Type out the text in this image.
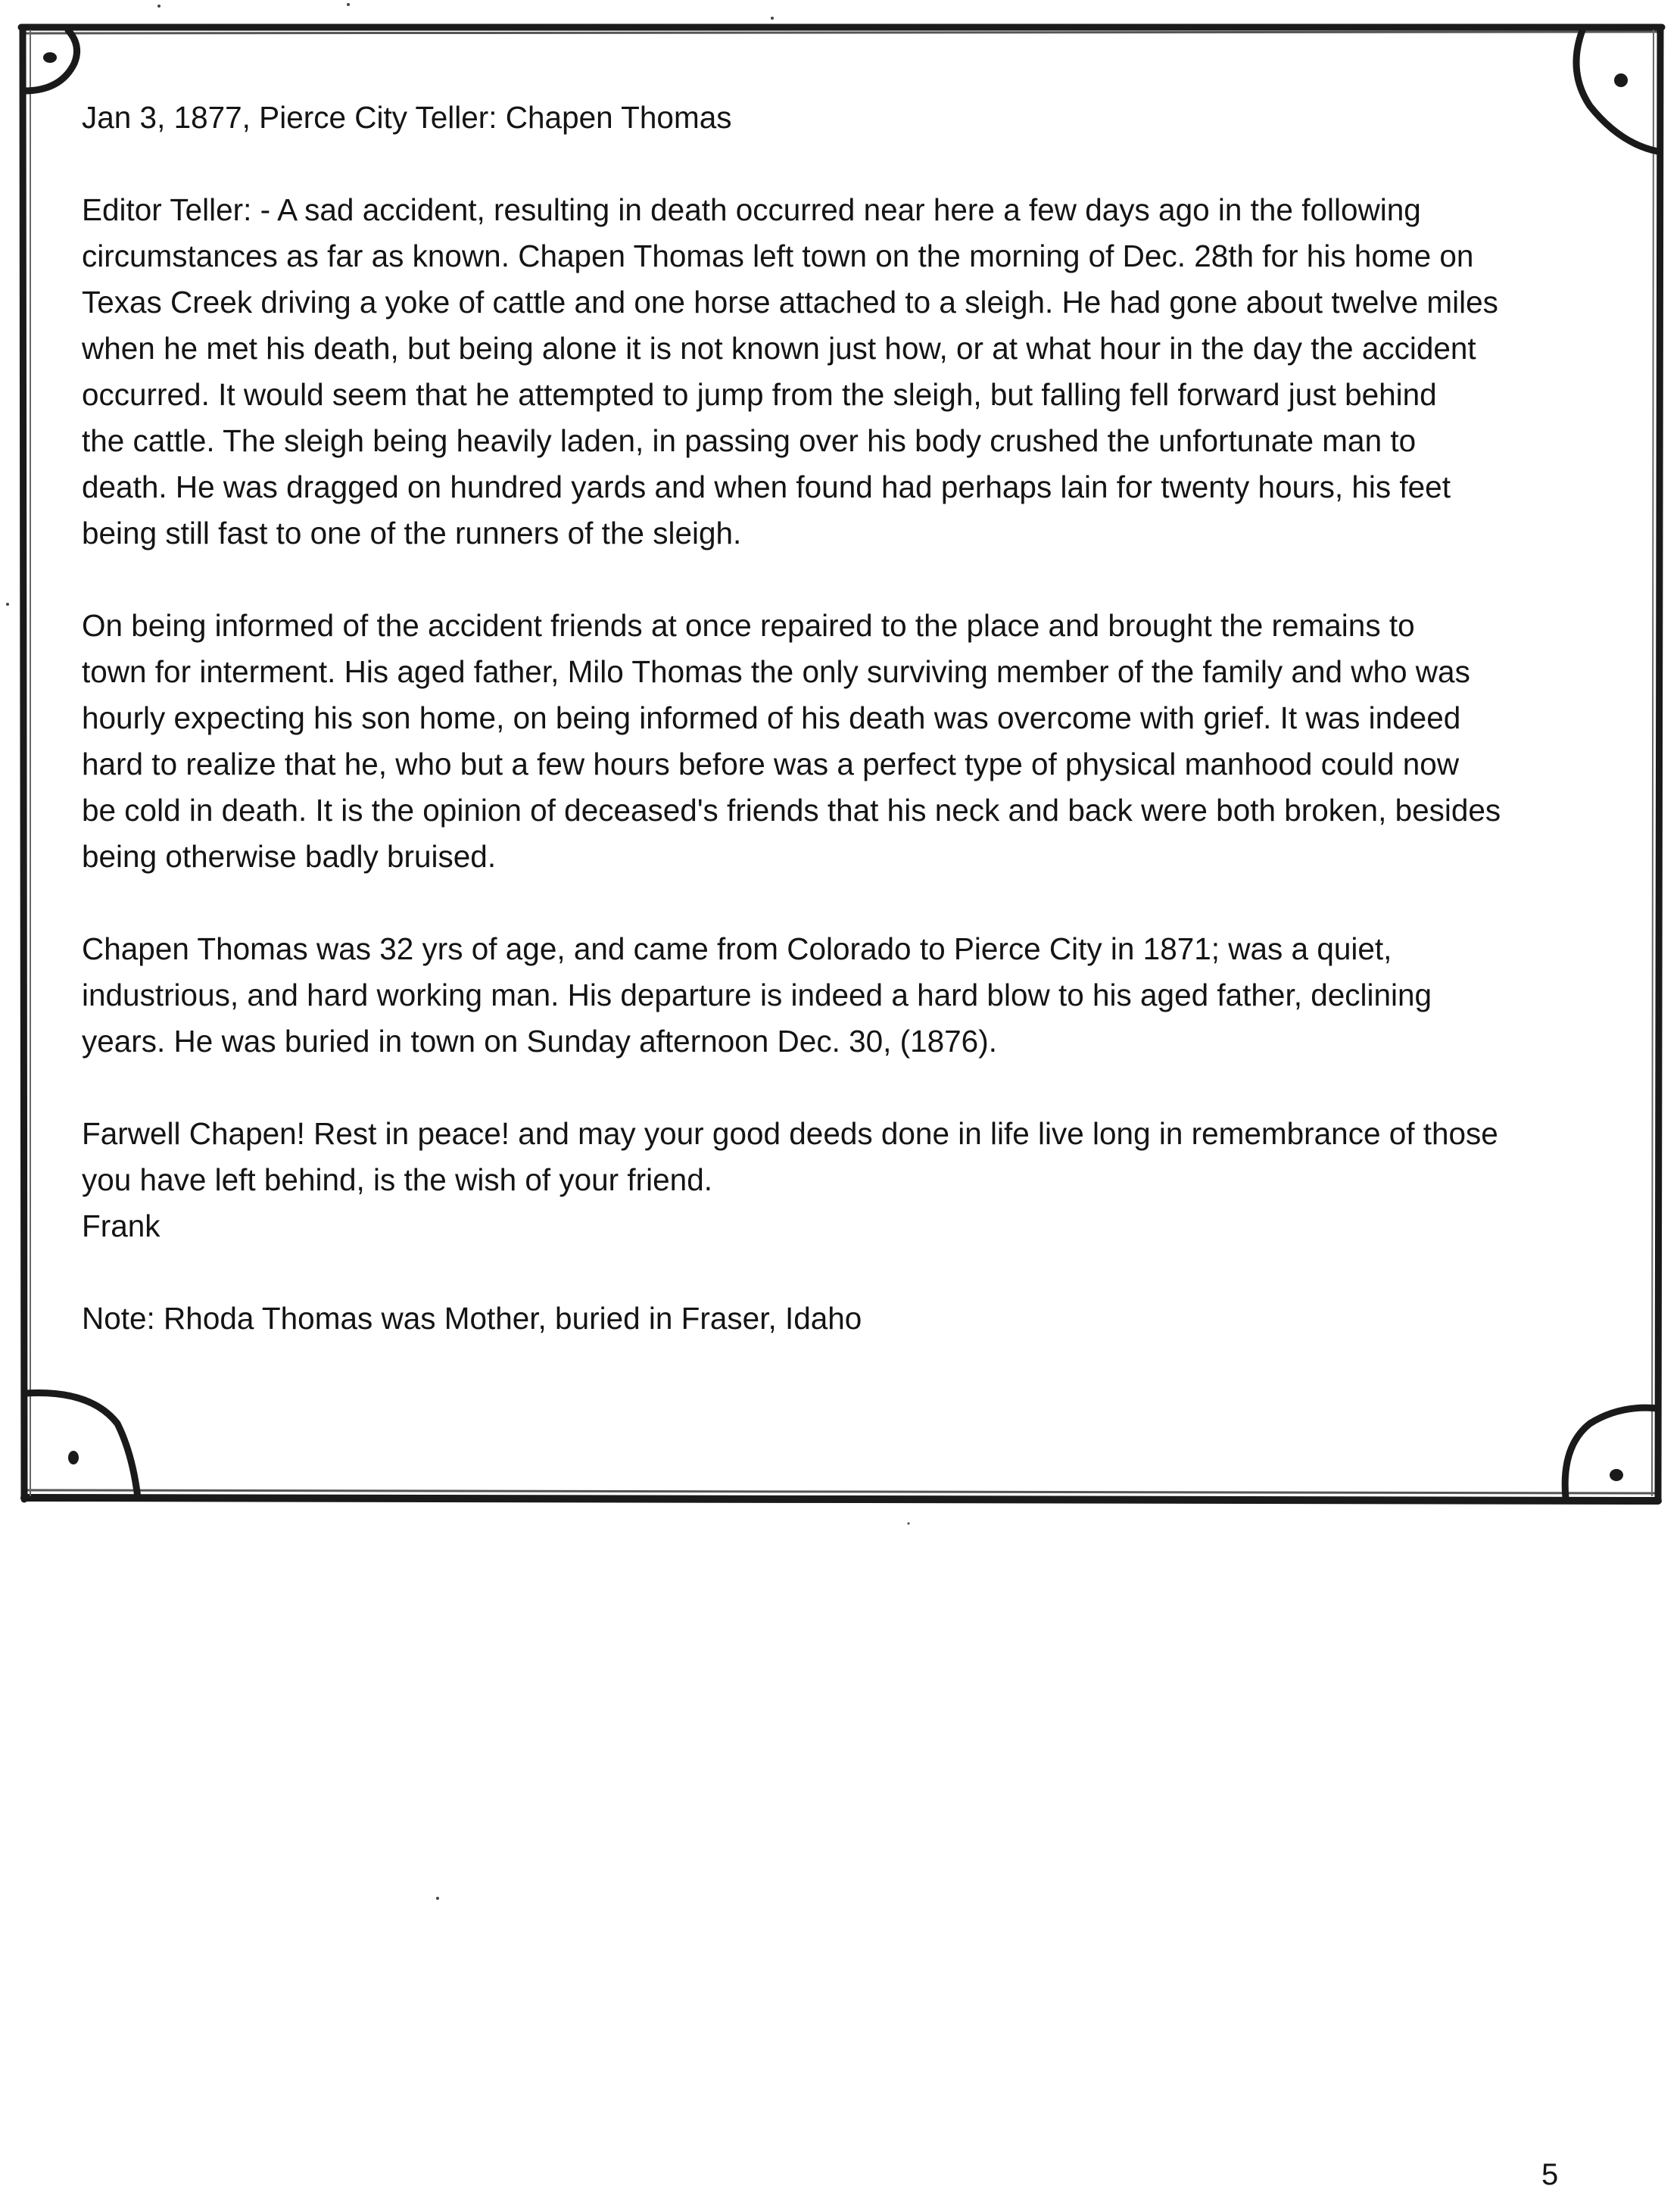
Jan 3, 1877, Pierce City Teller: Chapen Thomas

Editor Teller: - A sad accident, resulting in death occurred near here a few days ago in the following

circumstances as far as known. Chapen Thomas left town on the morning of Dec. 28th for his home on

Texas Creek driving a yoke of cattle and one horse attached to a sleigh. He had gone about twelve miles

when he met his death, but being alone it is not known just how, or at what hour in the day the accident

occurred. It would seem that he attempted to jump from the sleigh, but falling fell forward just behind

the cattle. The sleigh being heavily laden, in passing over his body crushed the unfortunate man to

death. He was dragged on hundred yards and when found had perhaps lain for twenty hours, his feet

being still fast to one of the runners of the sleigh.

On being informed of the accident friends at once repaired to the place and brought the remains to

town for interment. His aged father, Milo Thomas the only surviving member of the family and who was

hourly expecting his son home, on being informed of his death was overcome with grief. It was indeed

hard to realize that he, who but a few hours before was a perfect type of physical manhood could now

be cold in death. It is the opinion of deceased's friends that his neck and back were both broken, besides

being otherwise badly bruised.

Chapen Thomas was 32 yrs of age, and came from Colorado to Pierce City in 1871; was a quiet,

industrious, and hard working man. His departure is indeed a hard blow to his aged father, declining

years. He was buried in town on Sunday afternoon Dec. 30, (1876).

Farwell Chapen! Rest in peace! and may your good deeds done in life live long in remembrance of those

you have left behind, is the wish of your friend.

Frank

Note: Rhoda Thomas was Mother, buried in Fraser, Idaho

5
